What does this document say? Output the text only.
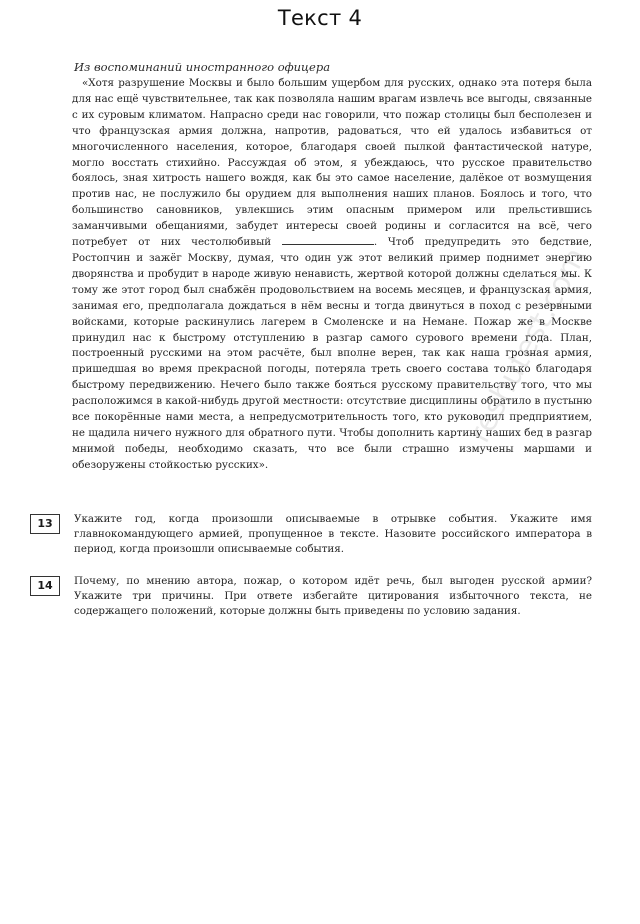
Текст 4
Из воспоминаний иностранного офицера

«Хотя разрушение Москвы и было большим ущербом для русских, однако эта потеря была для нас ещё чувствительнее, так как позволяла нашим врагам извлечь все выгоды, связанные с их суровым климатом. Напрасно среди нас говорили, что пожар столицы был бесполезен и что французская армия должна, напротив, радоваться, что ей удалось избавиться от многочисленного населения, которое, благодаря своей пылкой фантастической натуре, могло восстать стихийно. Рассуждая об этом, я убеждаюсь, что русское правительство боялось, зная хитрость нашего вождя, как бы это самое население, далёкое от возмущения против нас, не послужило бы орудием для выполнения наших планов. Боялось и того, что большинство сановников, увлекшись этим опасным примером или прельстившись заманчивыми обещаниями, забудет интересы своей родины и согласится на всё, чего потребует от них честолюбивый	. Чтоб предупредить это бедствие, Ростопчин и зажёг Москву, думая, что один уж этот великий пример поднимет энергию дворянства и пробудит в народе живую ненависть, жертвой которой должны сделаться мы. К тому же этот город был снабжён продовольствием на восемь месяцев, и французская армия, занимая его, предполагала дождаться в нём весны и тогда двинуться в поход с резервными войсками, которые раскинулись лагерем в Смоленске и на Немане. Пожар же в Москве принудил нас к быстрому отступлению в разгар самого сурового времени года. План, построенный русскими на этом расчёте, был вполне верен, так как наша грозная армия, пришедшая во время прекрасной погоды, потеряла треть своего состава только благодаря быстрому передвижению. Нечего было также бояться русскому правительству того, что мы расположимся в какой-нибудь другой местности: отсутствие дисциплины обратило в пустыню все покорённые нами места, а непредусмотрительность того, кто руководил предприятием, не щадила ничего нужного для обратного пути. Чтобы дополнить картину наших бед в разгар мнимой победы, необходимо сказать, что все были страшно измучены маршами и обезоружены стойкостью русских».

13	Укажите год, когда произошли описываемые в отрывке события. Укажите имя главнокомандующего армией, пропущенное в тексте. Назовите российского императора в период, когда произошли описываемые события.
14	Почему, по мнению автора, пожар, о котором идёт речь, был выгоден русской армии? Укажите три причины. При ответе избегайте цитирования избыточного текста, не содержащего положений, которые должны быть приведены по условию задания.
reshutest.com
